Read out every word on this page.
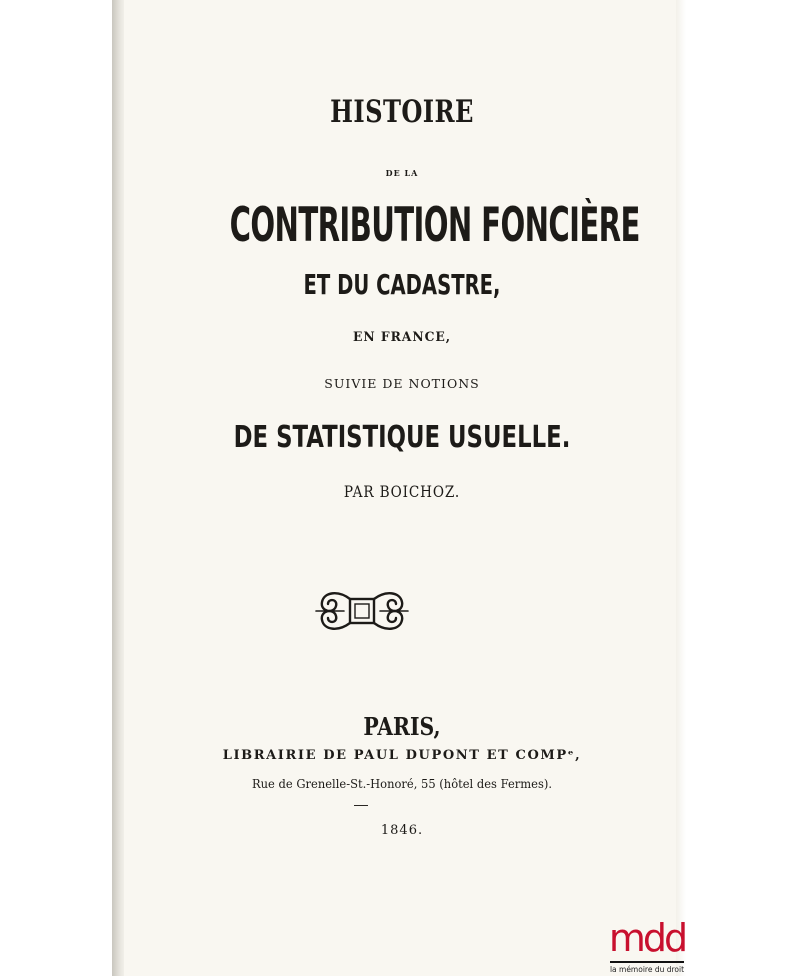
HISTOIRE
DE LA
CONTRIBUTION FONCIÈRE
ET DU CADASTRE,
EN FRANCE,
SUIVIE DE NOTIONS
DE STATISTIQUE USUELLE.
PAR BOICHOZ.
PARIS,
LIBRAIRIE DE PAUL DUPONT ET COMPᵉ,
Rue de Grenelle-St.-Honoré, 55 (hôtel des Fermes).
1846.
mdd
la mémoire du droit
